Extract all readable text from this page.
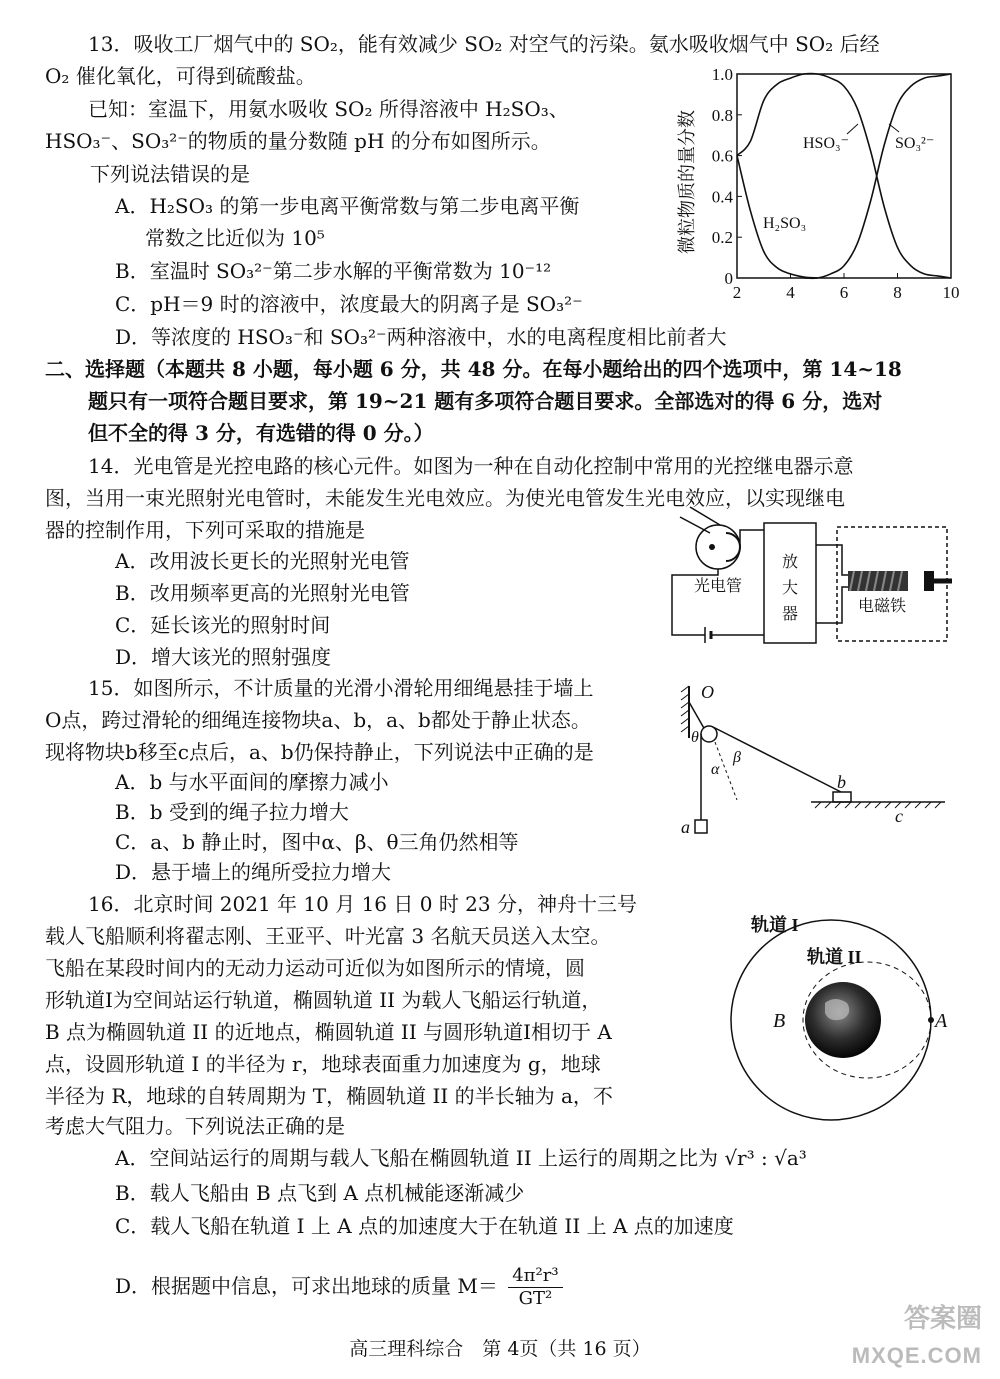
13．吸收工厂烟气中的 SO₂，能有效减少 SO₂ 对空气的污染。氨水吸收烟气中 SO₂ 后经
O₂ 催化氧化，可得到硫酸盐。
已知：室温下，用氨水吸收 SO₂ 所得溶液中 H₂SO₃、
HSO₃⁻、SO₃²⁻的物质的量分数随 pH 的分布如图所示。
下列说法错误的是
A．H₂SO₃ 的第一步电离平衡常数与第二步电离平衡
常数之比近似为 10⁵
B．室温时 SO₃²⁻第二步水解的平衡常数为 10⁻¹²
C．pH＝9 时的溶液中，浓度最大的阴离子是 SO₃²⁻
D．等浓度的 HSO₃⁻和 SO₃²⁻两种溶液中，水的电离程度相比前者大
微粒物质的量分数
2	4	6	8 10
0
0.2
0.4
0.6
0.8
1.0
HSO₃⁻	SO₃²⁻
H₂SO₃
二、选择题（本题共 8 小题，每小题 6 分，共 48 分。在每小题给出的四个选项中，第 14~18
题只有一项符合题目要求，第 19~21 题有多项符合题目要求。全部选对的得 6 分，选对
但不全的得 3 分，有选错的得 0 分。）
14．光电管是光控电路的核心元件。如图为一种在自动化控制中常用的光控继电器示意
图，当用一束光照射光电管时，未能发生光电效应。为使光电管发生光电效应，以实现继电
器的控制作用，下列可采取的措施是
A．改用波长更长的光照射光电管
B．改用频率更高的光照射光电管
C．延长该光的照射时间
D．增大该光的照射强度
放
大
器
光电管
电磁铁
15．如图所示，不计质量的光滑小滑轮用细绳悬挂于墙上
O点，跨过滑轮的细绳连接物块a、b，a、b都处于静止状态。
现将物块b移至c点后，a、b仍保持静止，下列说法中正确的是
A．b 与水平面间的摩擦力减小
B．b 受到的绳子拉力增大
C．a、b 静止时，图中α、β、θ三角仍然相等
D．悬于墙上的绳所受拉力增大
O
a
θ
α
β
b
c
16．北京时间 2021 年 10 月 16 日 0 时 23 分，神舟十三号
载人飞船顺利将翟志刚、王亚平、叶光富 3 名航天员送入太空。
飞船在某段时间内的无动力运动可近似为如图所示的情境，圆
形轨道I为空间站运行轨道，椭圆轨道 II 为载人飞船运行轨道，
B 点为椭圆轨道 II 的近地点，椭圆轨道 II 与圆形轨道I相切于 A
点，设圆形轨道 I 的半径为 r，地球表面重力加速度为 g，地球
半径为 R，地球的自转周期为 T，椭圆轨道 II 的半长轴为 a，不
考虑大气阻力。下列说法正确的是
A．空间站运行的周期与载人飞船在椭圆轨道 II 上运行的周期之比为 √r³ : √a³
B．载人飞船由 B 点飞到 A 点机械能逐渐减少
C．载人飞船在轨道 I 上 A 点的加速度大于在轨道 II 上 A 点的加速度
D．根据题中信息，可求出地球的质量 $M= \frac{\text{4π²r³}}{\text{GT²}}$
轨道 I
轨道 II
B	A
高三理科综合　第 4页（共 16 页）
答案圈
MXQE.COM
